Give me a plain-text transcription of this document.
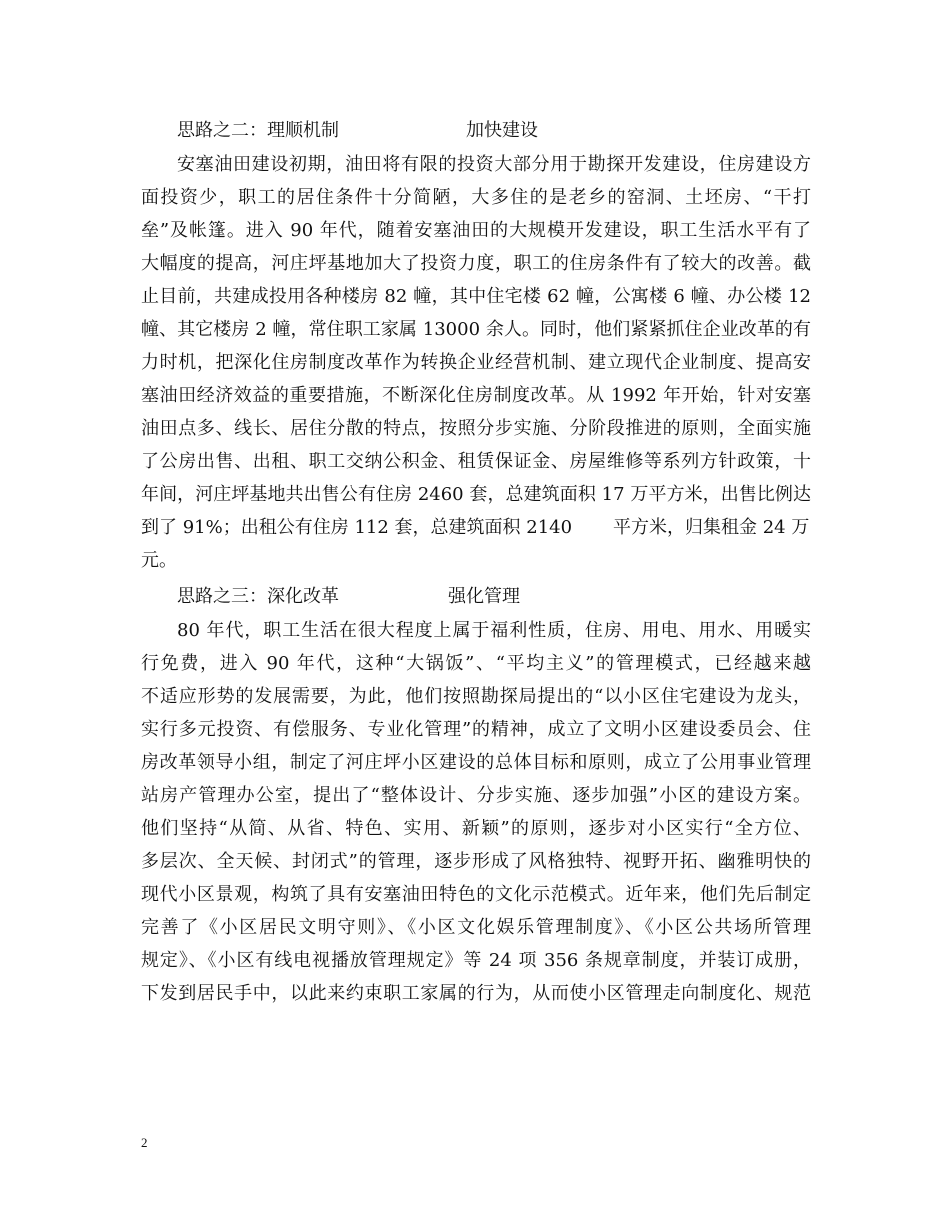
思路之二：理顺机制	加快建设
安塞油田建设初期，油田将有限的投资大部分用于勘探开发建设，住房建设方
面投资少，职工的居住条件十分简陋，大多住的是老乡的窑洞、土坯房、“干打
垒”及帐篷。进入 90 年代，随着安塞油田的大规模开发建设，职工生活水平有了
大幅度的提高，河庄坪基地加大了投资力度，职工的住房条件有了较大的改善。截
止目前，共建成投用各种楼房 82 幢，其中住宅楼 62 幢，公寓楼 6 幢、办公楼 12
幢、其它楼房 2 幢，常住职工家属 13000 余人。同时，他们紧紧抓住企业改革的有
力时机，把深化住房制度改革作为转换企业经营机制、建立现代企业制度、提高安
塞油田经济效益的重要措施，不断深化住房制度改革。从 1992 年开始，针对安塞
油田点多、线长、居住分散的特点，按照分步实施、分阶段推进的原则，全面实施
了公房出售、出租、职工交纳公积金、租赁保证金、房屋维修等系列方针政策，十
年间，河庄坪基地共出售公有住房 2460 套，总建筑面积 17 万平方米，出售比例达
到了 91%；出租公有住房 112 套，总建筑面积 2140 平方米，归集租金 24 万
元。
思路之三：深化改革	强化管理
80 年代，职工生活在很大程度上属于福利性质，住房、用电、用水、用暖实
行免费，进入 90 年代，这种“大锅饭”、“平均主义”的管理模式，已经越来越
不适应形势的发展需要，为此，他们按照勘探局提出的“以小区住宅建设为龙头，
实行多元投资、有偿服务、专业化管理”的精神，成立了文明小区建设委员会、住
房改革领导小组，制定了河庄坪小区建设的总体目标和原则，成立了公用事业管理
站房产管理办公室，提出了“整体设计、分步实施、逐步加强”小区的建设方案。
他们坚持“从简、从省、特色、实用、新颖”的原则，逐步对小区实行“全方位、
多层次、全天候、封闭式”的管理，逐步形成了风格独特、视野开拓、幽雅明快的
现代小区景观，构筑了具有安塞油田特色的文化示范模式。近年来，他们先后制定
完善了《小区居民文明守则》、《小区文化娱乐管理制度》、《小区公共场所管理
规定》、《小区有线电视播放管理规定》等 24 项 356 条规章制度，并装订成册，
下发到居民手中，以此来约束职工家属的行为，从而使小区管理走向制度化、规范
2
